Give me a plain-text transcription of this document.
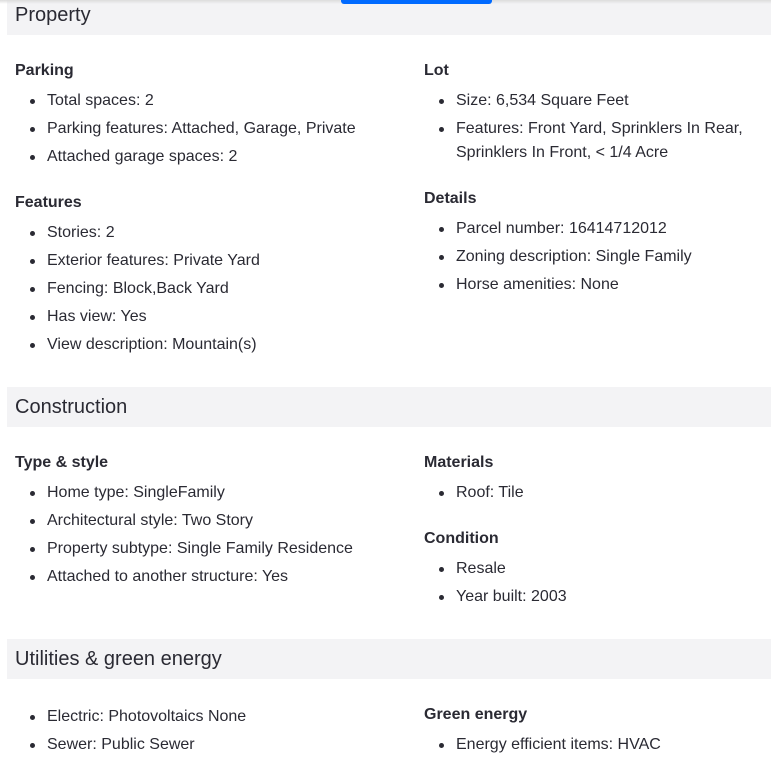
Property
Parking
Total spaces: 2
Parking features: Attached, Garage, Private
Attached garage spaces: 2
Features
Stories: 2
Exterior features: Private Yard
Fencing: Block,Back Yard
Has view: Yes
View description: Mountain(s)
Lot
Size: 6,534 Square Feet
Features: Front Yard, Sprinklers In Rear, Sprinklers In Front, < 1/4 Acre
Details
Parcel number: 16414712012
Zoning description: Single Family
Horse amenities: None
Construction
Type & style
Home type: SingleFamily
Architectural style: Two Story
Property subtype: Single Family Residence
Attached to another structure: Yes
Materials
Roof: Tile
Condition
Resale
Year built: 2003
Utilities & green energy
Electric: Photovoltaics None
Sewer: Public Sewer
Green energy
Energy efficient items: HVAC
